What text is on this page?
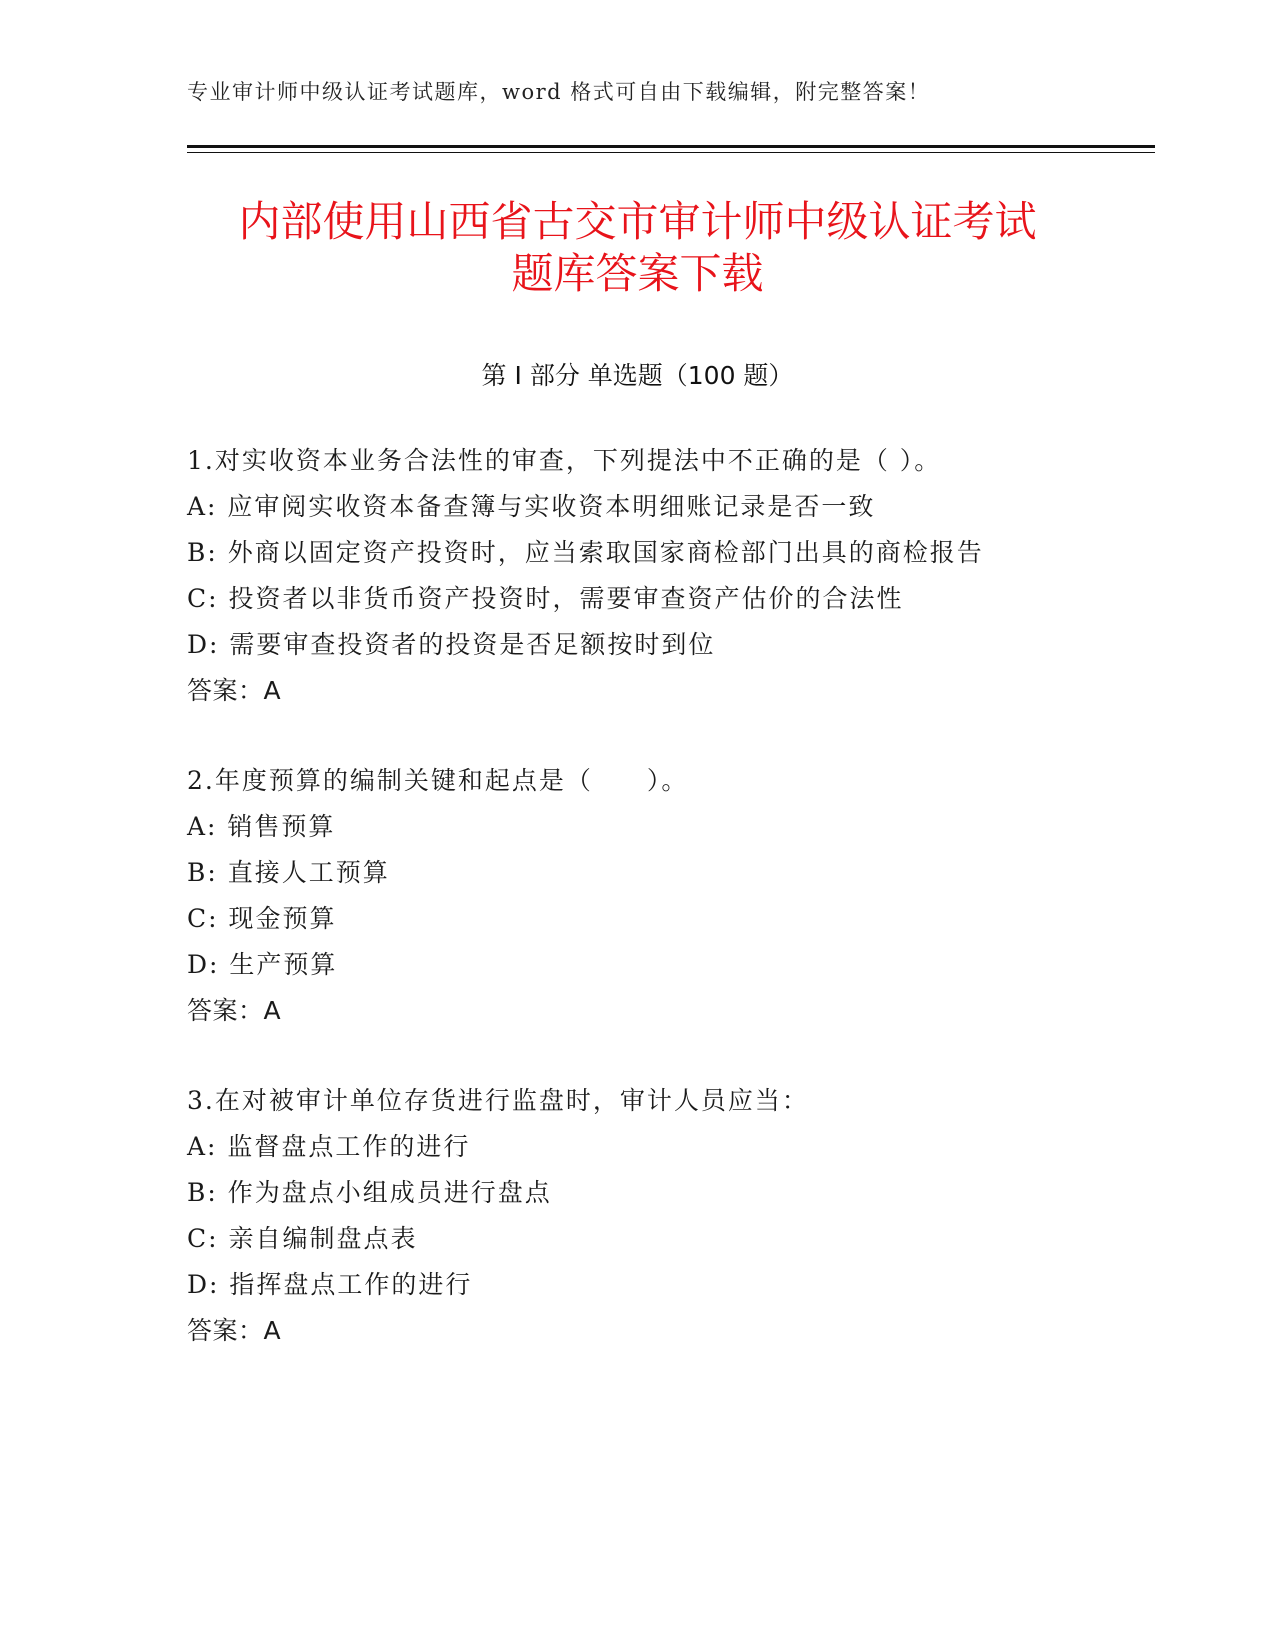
专业审计师中级认证考试题库，word 格式可自由下载编辑，附完整答案！
内部使用山西省古交市审计师中级认证考试
题库答案下载
第 I 部分 单选题（100 题）
1.对实收资本业务合法性的审查，下列提法中不正确的是（ ）。
A: 应审阅实收资本备查簿与实收资本明细账记录是否一致
B: 外商以固定资产投资时，应当索取国家商检部门出具的商检报告
C: 投资者以非货币资产投资时，需要审查资产估价的合法性
D: 需要审查投资者的投资是否足额按时到位
答案：A
2.年度预算的编制关键和起点是（　　）。
A: 销售预算
B: 直接人工预算
C: 现金预算
D: 生产预算
答案：A
3.在对被审计单位存货进行监盘时，审计人员应当：
A: 监督盘点工作的进行
B: 作为盘点小组成员进行盘点
C: 亲自编制盘点表
D: 指挥盘点工作的进行
答案：A
